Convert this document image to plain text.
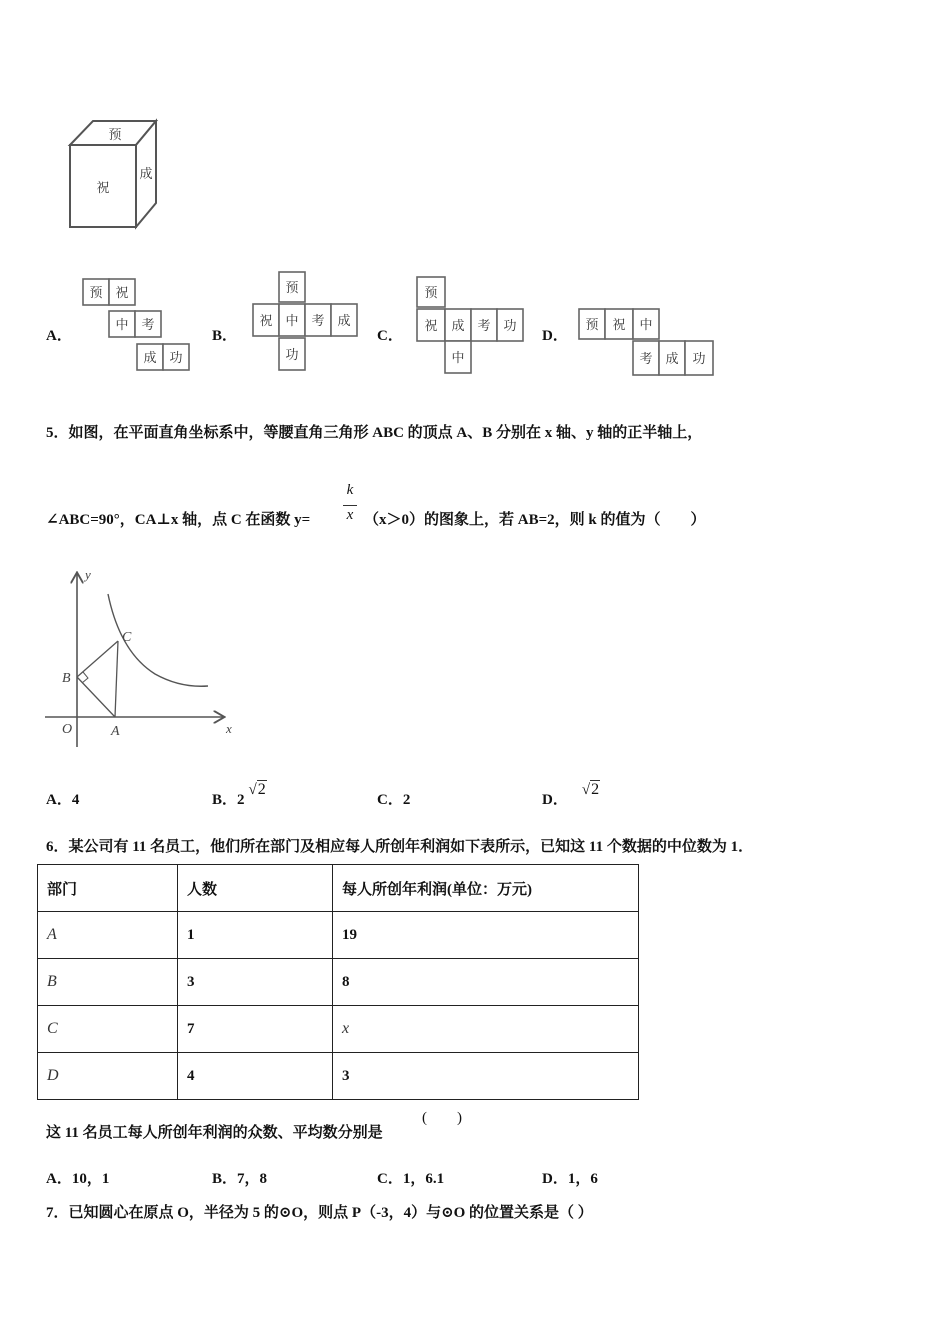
预
祝
成
A．
预 祝
中 考
成 功
B．
预
祝 中 考 成
功
C．
预
祝 成 考 功
中
D．
预 祝 中
考 成 功
5．如图，在平面直角坐标系中，等腰直角三角形 ABC 的顶点 A、B 分别在 x 轴、y 轴的正半轴上，
∠ABC=90°，CA⊥x 轴，点 C 在函数 y=
k
x （x＞0）的图象上，若 AB=2，则 k 的值为（　　）
y
x
O	A
B
C
A．4	B．2√2
C．2	D．√2
6．某公司有 11 名员工，他们所在部门及相应每人所创年利润如下表所示，已知这 11 个数据的中位数为 1．
部门	人数	每人所创年利润(单位：万元)
A	1	19
B	3	8
C	7	x
D	4	3
这 11 名员工每人所创年利润的众数、平均数分别是
(　　)
A．10，1	B．7，8	C．1，6.1	D．1，6
7．已知圆心在原点 O，半径为 5 的⊙O，则点 P（-3，4）与⊙O 的位置关系是（ ）
